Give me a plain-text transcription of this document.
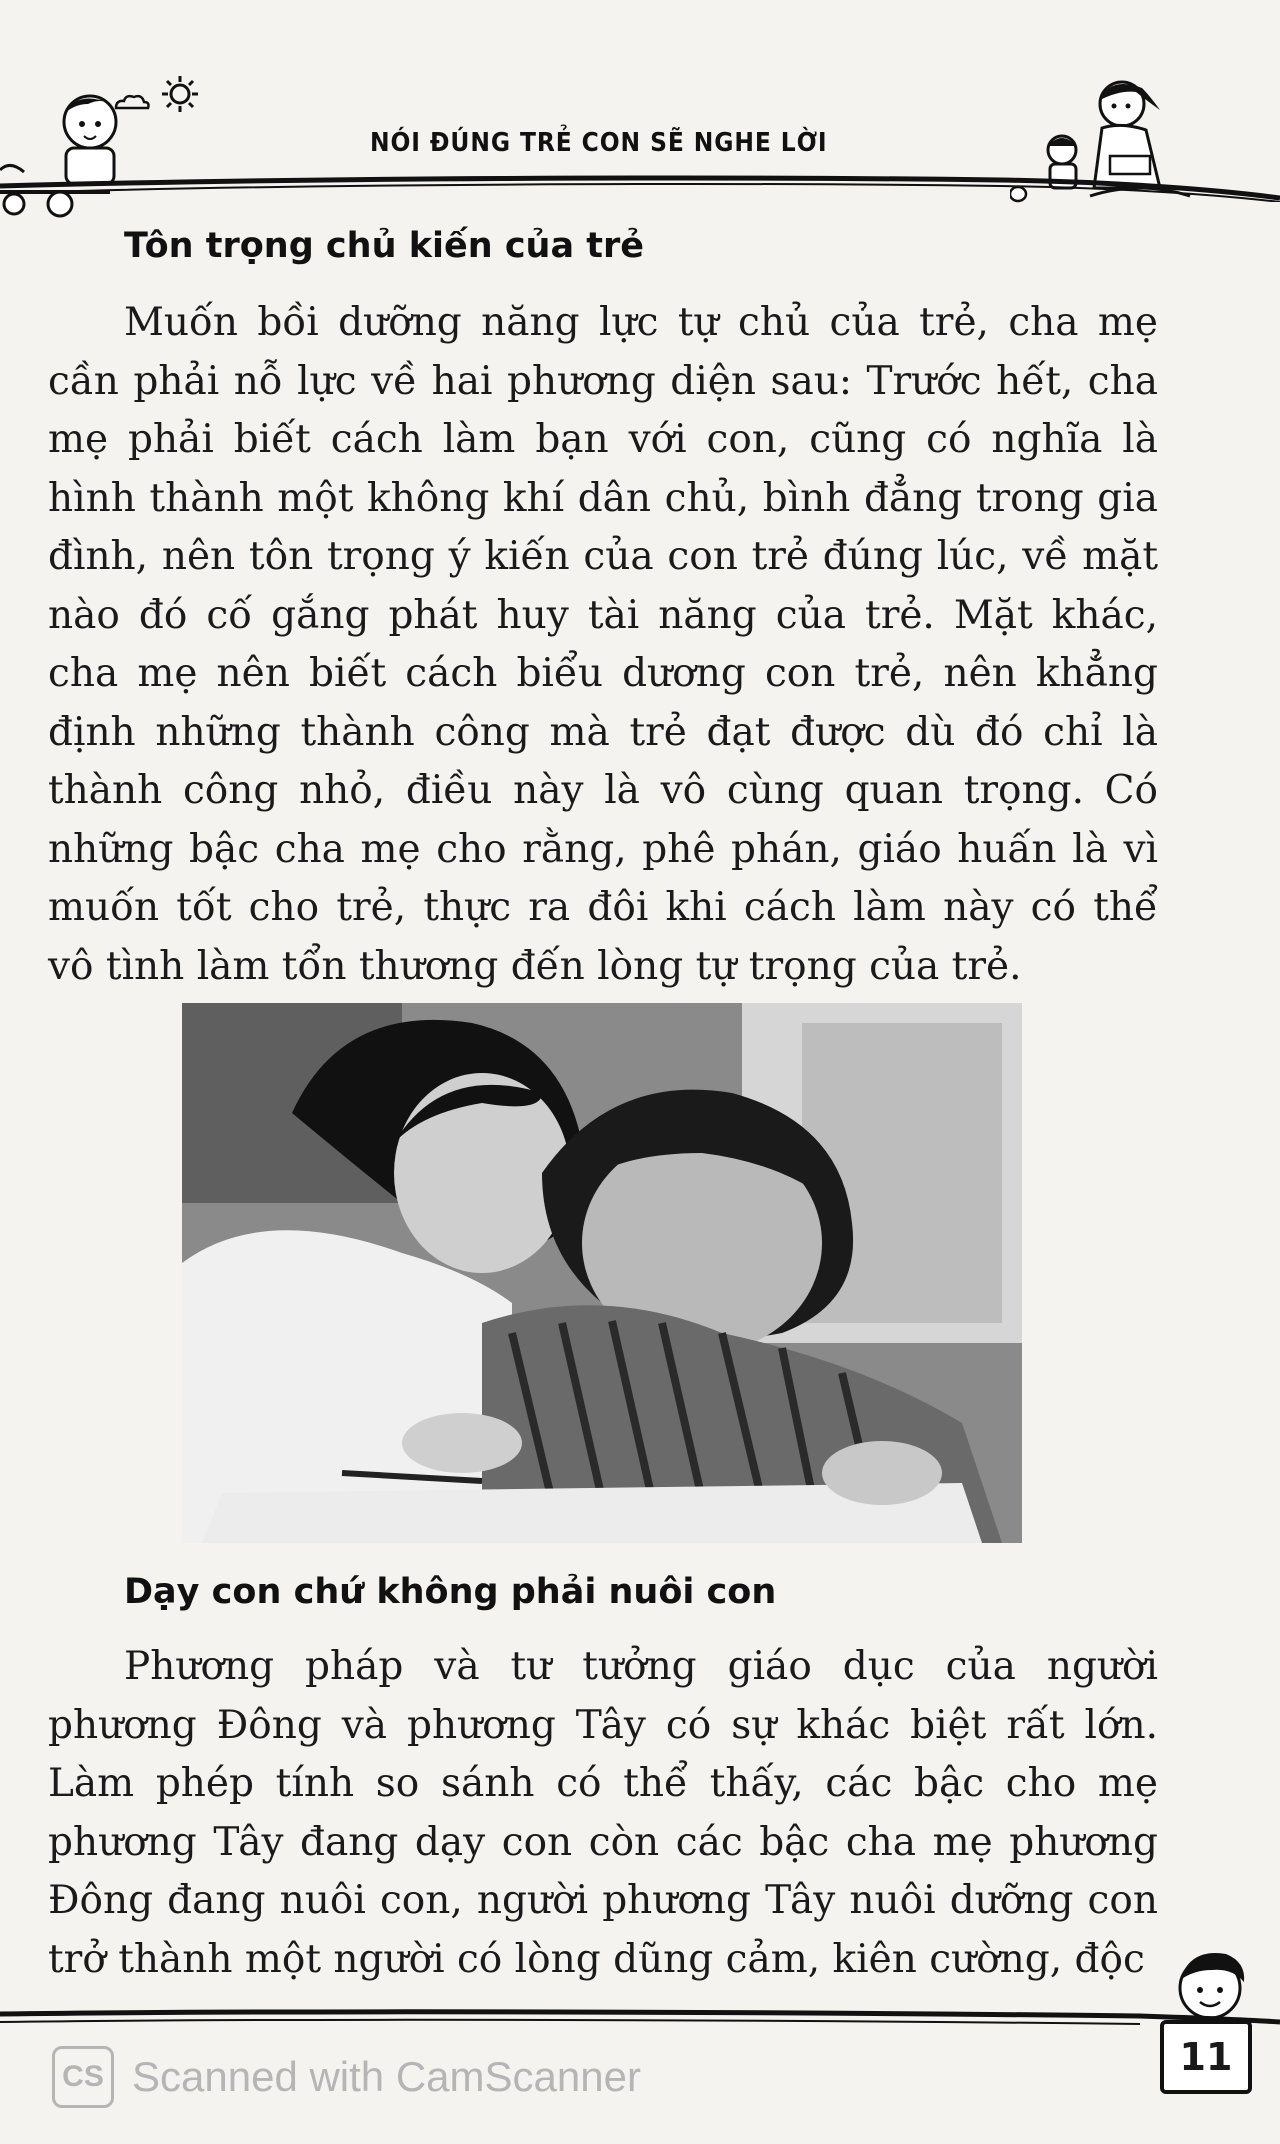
NÓI ĐÚNG TRẺ CON SẼ NGHE LỜI
Tôn trọng chủ kiến của trẻ

Muốn bồi dưỡng năng lực tự chủ của trẻ, cha mẹ cần phải nỗ lực về hai phương diện sau: Trước hết, cha mẹ phải biết cách làm bạn với con, cũng có nghĩa là hình thành một không khí dân chủ, bình đẳng trong gia đình, nên tôn trọng ý kiến của con trẻ đúng lúc, về mặt nào đó cố gắng phát huy tài năng của trẻ. Mặt khác, cha mẹ nên biết cách biểu dương con trẻ, nên khẳng định những thành công mà trẻ đạt được dù đó chỉ là thành công nhỏ, điều này là vô cùng quan trọng. Có những bậc cha mẹ cho rằng, phê phán, giáo huấn là vì muốn tốt cho trẻ, thực ra đôi khi cách làm này có thể vô tình làm tổn thương đến lòng tự trọng của trẻ.

Dạy con chứ không phải nuôi con

Phương pháp và tư tưởng giáo dục của người phương Đông và phương Tây có sự khác biệt rất lớn. Làm phép tính so sánh có thể thấy, các bậc cho mẹ phương Tây đang dạy con còn các bậc cha mẹ phương Đông đang nuôi con, người phương Tây nuôi dưỡng con trở thành một người có lòng dũng cảm, kiên cường, độc

11
CS Scanned with CamScanner
